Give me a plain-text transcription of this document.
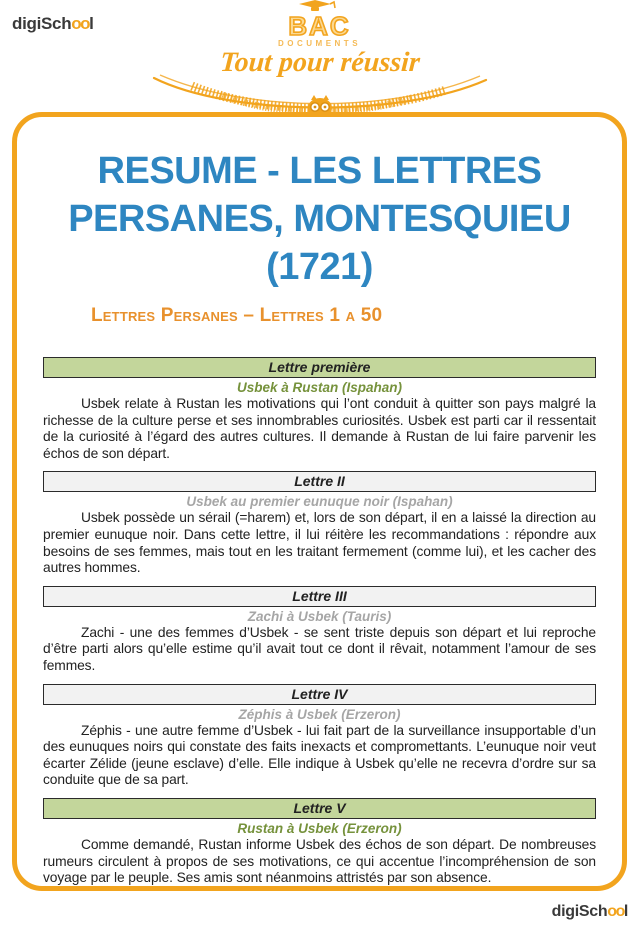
digiSchool	BAC
DOCUMENTS
Tout pour réussir
RESUME - LES LETTRES PERSANES, MONTESQUIEU (1721)
Lettres Persanes – Lettres 1 a 50
Lettre première
Usbek à Rustan (Ispahan)

Usbek relate à Rustan les motivations qui l’ont conduit à quitter son pays malgré la richesse de la culture perse et ses innombrables curiosités. Usbek est parti car il ressentait de la curiosité à l’égard des autres cultures. Il demande à Rustan de lui faire parvenir les échos de son départ.

Lettre II
Usbek au premier eunuque noir (Ispahan)

Usbek possède un sérail (=harem) et, lors de son départ, il en a laissé la direction au premier eunuque noir. Dans cette lettre, il lui réitère les recommandations : répondre aux besoins de ses femmes, mais tout en les traitant fermement (comme lui), et les cacher des autres hommes.

Lettre III
Zachi à Usbek (Tauris)

Zachi - une des femmes d’Usbek - se sent triste depuis son départ et lui reproche d’être parti alors qu’elle estime qu’il avait tout ce dont il rêvait, notamment l’amour de ses femmes.

Lettre IV
Zéphis à Usbek (Erzeron)

Zéphis - une autre femme d’Usbek - lui fait part de la surveillance insupportable d’un des eunuques noirs qui constate des faits inexacts et compromettants. L’eunuque noir veut écarter Zélide (jeune esclave) d’elle. Elle indique à Usbek qu’elle ne recevra d’ordre sur sa conduite que de sa part.

Lettre V
Rustan à Usbek (Erzeron)

Comme demandé, Rustan informe Usbek des échos de son départ. De nombreuses rumeurs circulent à propos de ses motivations, ce qui accentue l’incompréhension de son voyage par le peuple. Ses amis sont néanmoins attristés par son absence.

digiSchool
